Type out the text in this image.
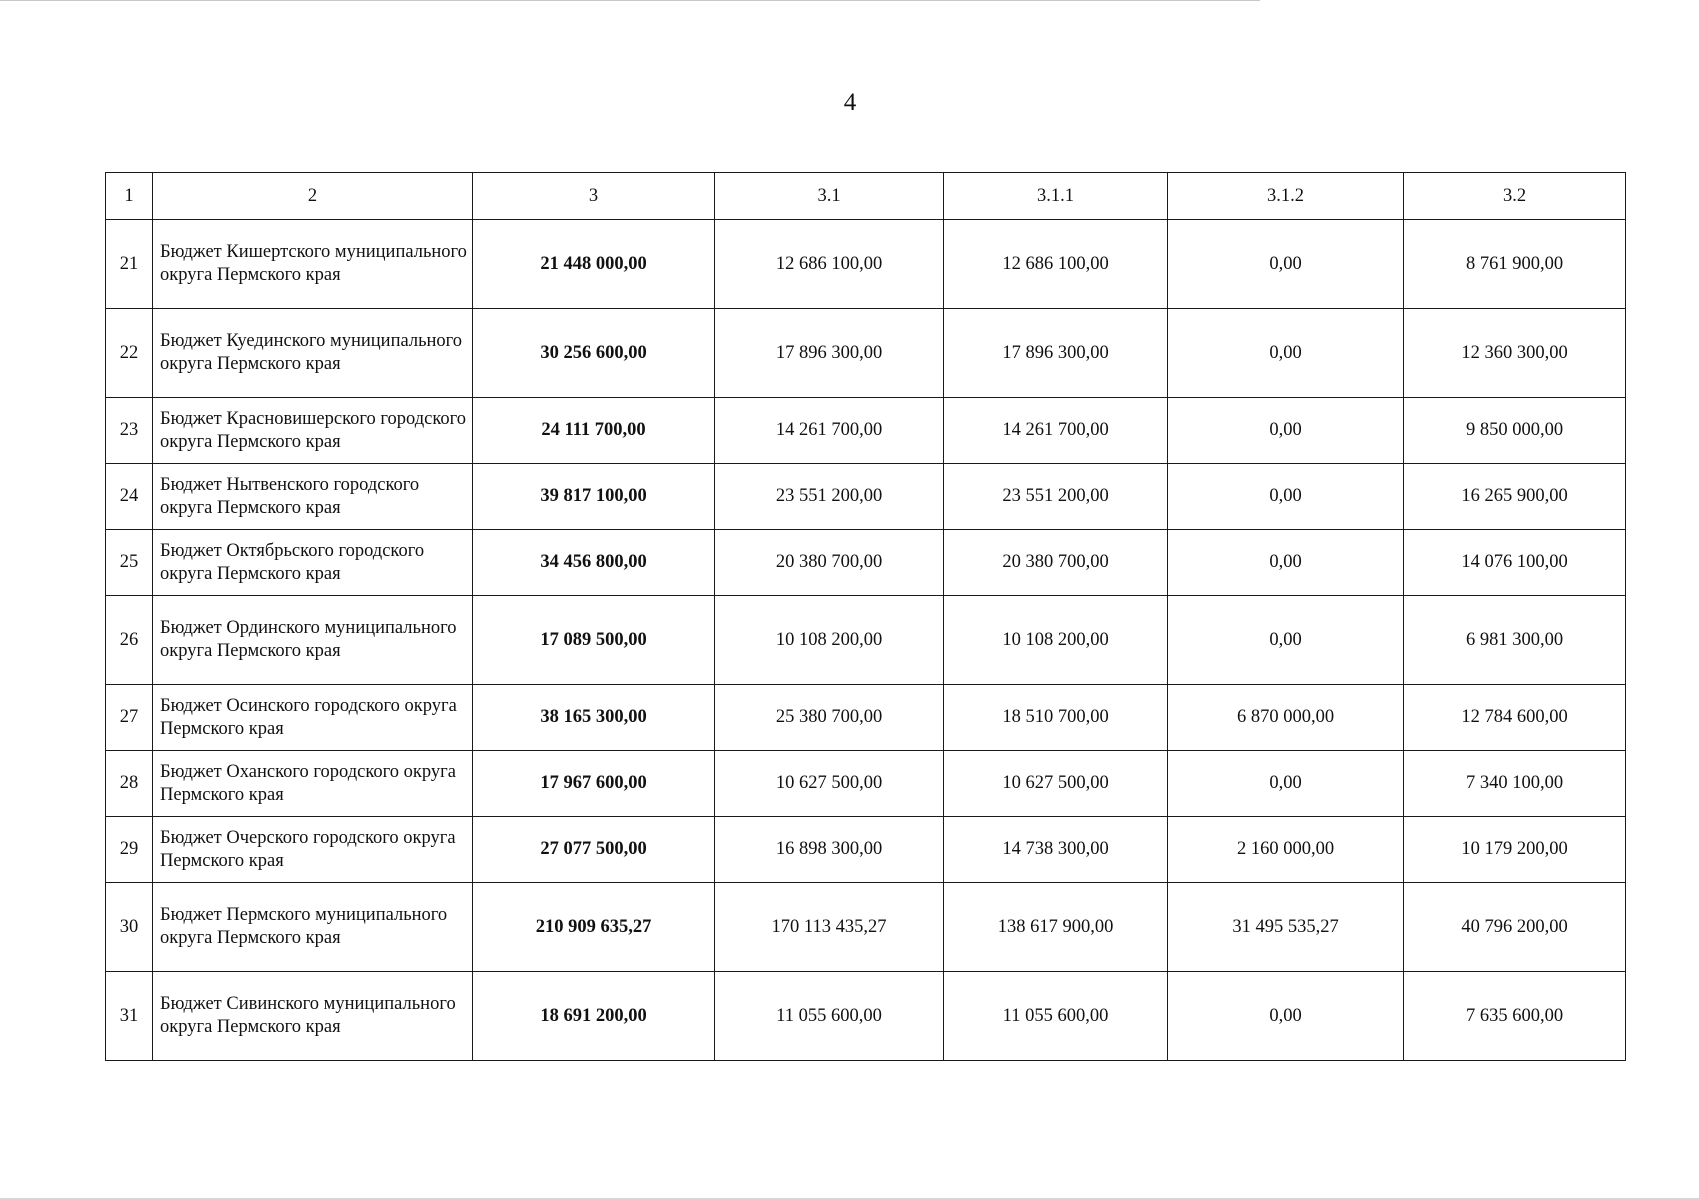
4
1	2	3	3.1	3.1.1	3.1.2	3.2
21	Бюджет Кишертского муниципального округа Пермского края	21 448 000,00	12 686 100,00	12 686 100,00	0,00	8 761 900,00
22	Бюджет Куединского муниципального округа Пермского края	30 256 600,00	17 896 300,00	17 896 300,00	0,00	12 360 300,00
23	Бюджет Красновишерского городского округа Пермского края	24 111 700,00	14 261 700,00	14 261 700,00	0,00	9 850 000,00
24	Бюджет Нытвенского городского округа Пермского края	39 817 100,00	23 551 200,00	23 551 200,00	0,00	16 265 900,00
25	Бюджет Октябрьского городского округа Пермского края	34 456 800,00	20 380 700,00	20 380 700,00	0,00	14 076 100,00
26	Бюджет Ординского муниципального округа Пермского края	17 089 500,00	10 108 200,00	10 108 200,00	0,00	6 981 300,00
27	Бюджет Осинского городского округа Пермского края	38 165 300,00	25 380 700,00	18 510 700,00	6 870 000,00	12 784 600,00
28	Бюджет Оханского городского округа Пермского края	17 967 600,00	10 627 500,00	10 627 500,00	0,00	7 340 100,00
29	Бюджет Очерского городского округа Пермского края	27 077 500,00	16 898 300,00	14 738 300,00	2 160 000,00	10 179 200,00
30	Бюджет Пермского муниципального округа Пермского края	210 909 635,27	170 113 435,27	138 617 900,00	31 495 535,27	40 796 200,00
31	Бюджет Сивинского муниципального округа Пермского края	18 691 200,00	11 055 600,00	11 055 600,00	0,00	7 635 600,00
